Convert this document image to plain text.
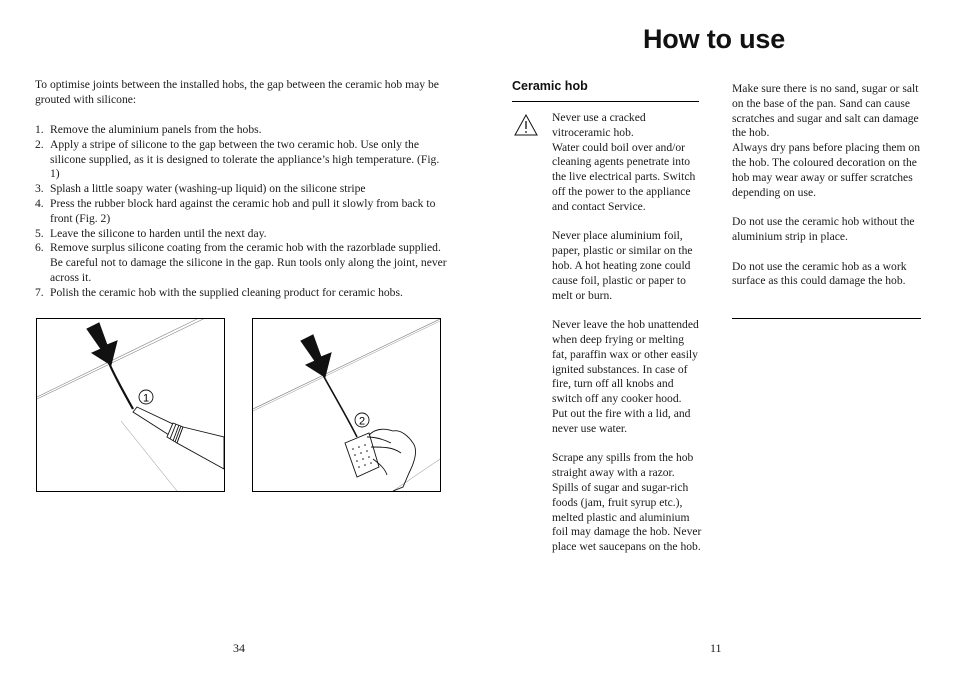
How to use
To optimise joints between the installed hobs, the gap between the ceramic hob may be grouted with silicone:
1. Remove the aluminium panels from the hobs.
2. Apply a stripe of silicone to the gap between the two ceramic hob. Use only the silicone supplied, as it is designed to tolerate the appliance’s high temperature. (Fig. 1)
3. Splash a little soapy water (washing-up liquid) on the silicone stripe
4. Press the rubber block hard against the ceramic hob and pull it slowly from back to front (Fig. 2)
5. Leave the silicone to harden until the next day.
6. Remove surplus silicone coating from the ceramic hob with the razorblade supplied. Be careful not to damage the silicone in the gap. Run tools only along the joint, never across it.
7. Polish the ceramic hob with the supplied cleaning product for ceramic hobs.
1
2
34
Ceramic hob

Never use a cracked vitroceramic hob.
Water could boil over and/or cleaning agents penetrate into the live electrical parts. Switch off the power to the appliance and contact Service.

Never place aluminium foil, paper, plastic or similar on the hob. A hot heating zone could cause foil, plastic or paper to melt or burn.

Never leave the hob unattended when deep frying or melting fat, paraffin wax or other easily ignited substances. In case of fire, turn off all knobs and switch off any cooker hood.
Put out the fire with a lid, and never use water.

Scrape any spills from the hob straight away with a razor. Spills of sugar and sugar-rich foods (jam, fruit syrup etc.), melted plastic and aluminium foil may damage the hob. Never place wet saucepans on the hob.

Make sure there is no sand, sugar or salt on the base of the pan. Sand can cause scratches and sugar and salt can damage the hob.
Always dry pans before placing them on the hob. The coloured decoration on the hob may wear away or suffer scratches depending on use.

Do not use the ceramic hob without the aluminium strip in place.

Do not use the ceramic hob as a work surface as this could damage the hob.

11
